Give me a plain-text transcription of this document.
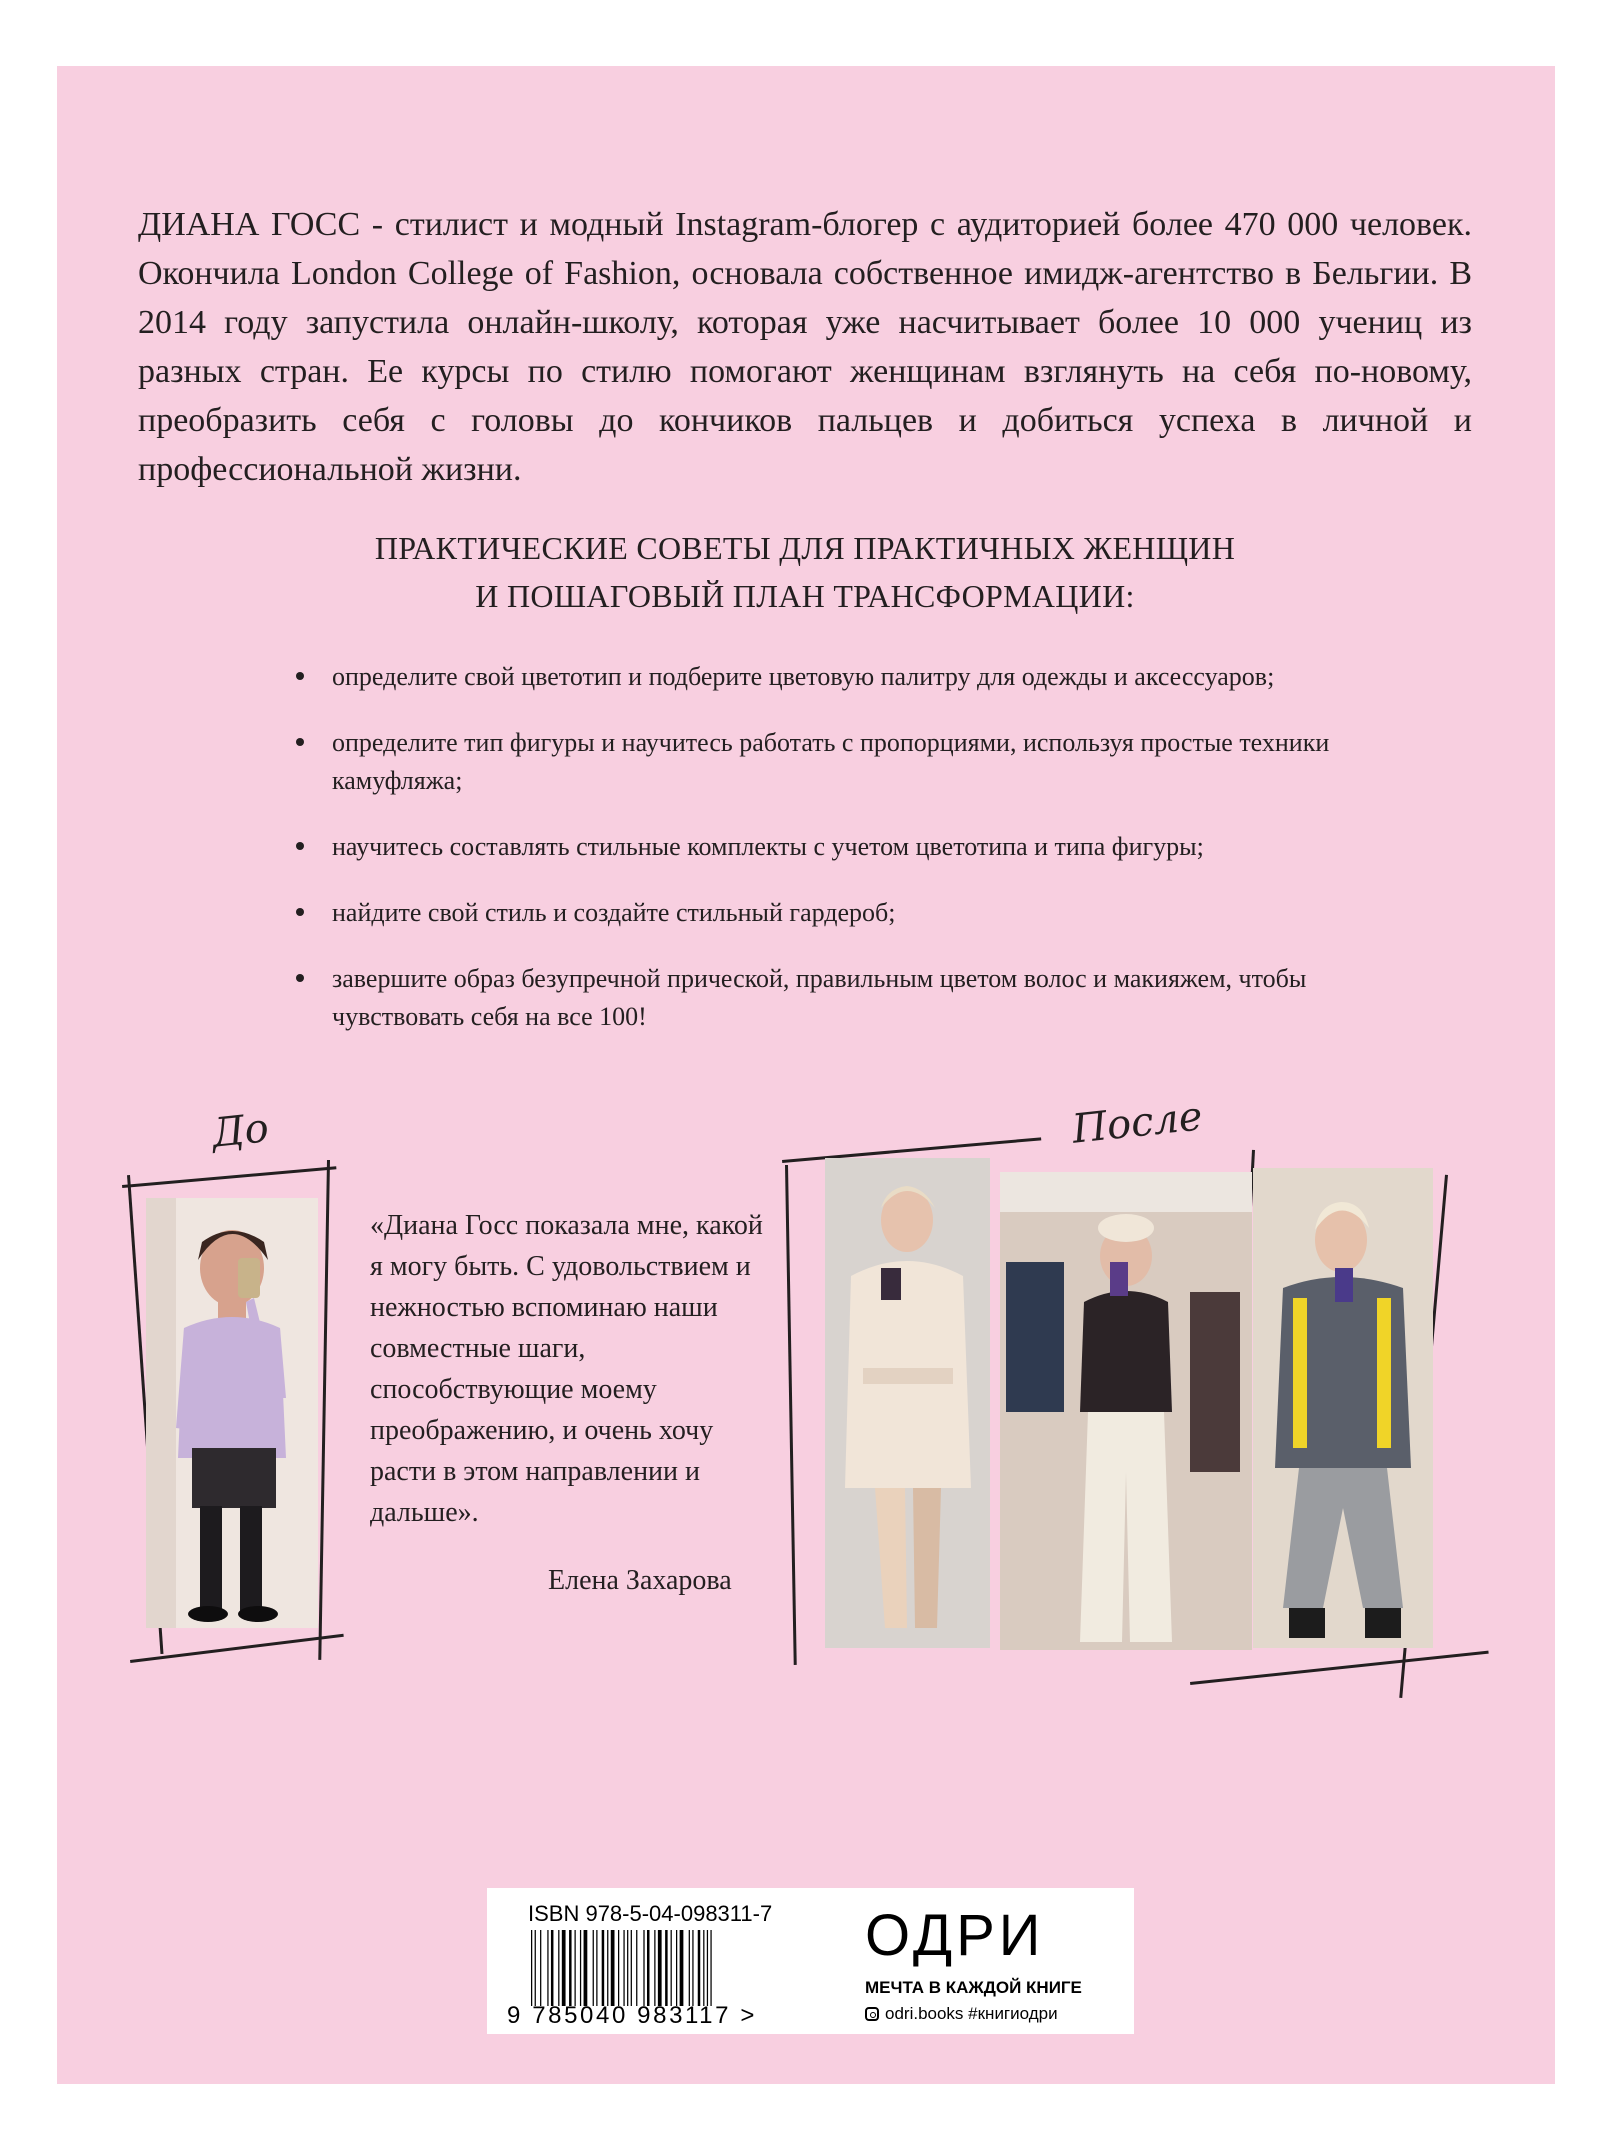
ДИАНА ГОСС - стилист и модный Instagram-блогер с аудиторией более 470 000 человек. Окончила London College of Fashion, основала собственное имидж-агентство в Бельгии. В 2014 году запустила онлайн-школу, которая уже насчитывает более 10 000 учениц из разных стран. Ее курсы по стилю помогают женщинам взглянуть на себя по-новому, преобразить себя с головы до кончиков пальцев и добиться успеха в личной и профессиональной жизни.

ПРАКТИЧЕСКИЕ СОВЕТЫ ДЛЯ ПРАКТИЧНЫХ ЖЕНЩИН
И ПОШАГОВЫЙ ПЛАН ТРАНСФОРМАЦИИ:
определите свой цветотип и подберите цветовую палитру для одежды и аксессуаров;
определите тип фигуры и научитесь работать с пропорциями, используя простые техники камуфляжа;
научитесь составлять стильные комплекты с учетом цветотипа и типа фигуры;
найдите свой стиль и создайте стильный гардероб;
завершите образ безупречной прической, правильным цветом волос и макияжем, чтобы чувствовать себя на все 100!
До	После
«Диана Госс показала мне, какой я могу быть. С удовольствием и нежностью вспоминаю наши совместные шаги, способствующие моему преображению, и очень хочу расти в этом направлении и дальше».
Елена Захарова
ISBN 978-5-04-098311-7
9 785040 983117 >
ОДРИ
МЕЧТА В КАЖДОЙ КНИГЕ
odri.books #книгиодри
